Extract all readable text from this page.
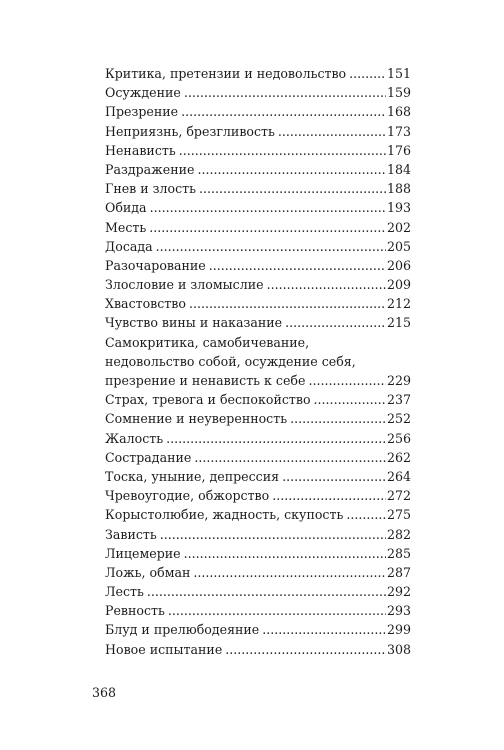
Критика, претензии и недовольство .....	151
Осуждение .....	159
Презрение .....	168
Неприязнь, брезгливость .....	173
Ненависть .....	176
Раздражение .....	184
Гнев и злость .....	188
Обида .....	193
Месть .....	202
Досада .....	205
Разочарование .....	206
Злословие и зломыслие .....	209
Хвастовство .....	212
Чувство вины и наказание .....	215
Самокритика, самобичевание,
недовольство собой, осуждение себя,
презрение и ненависть к себе .....	229
Страх, тревога и беспокойство .....	237
Сомнение и неуверенность .....	252
Жалость .....	256
Сострадание .....	262
Тоска, уныние, депрессия .....	264
Чревоугодие, обжорство .....	272
Корыстолюбие, жадность, скупость .....	275
Зависть .....	282
Лицемерие .....	285
Ложь, обман .....	287
Лесть .....	292
Ревность .....	293
Блуд и прелюбодеяние .....	299
Новое испытание .....	308
368
